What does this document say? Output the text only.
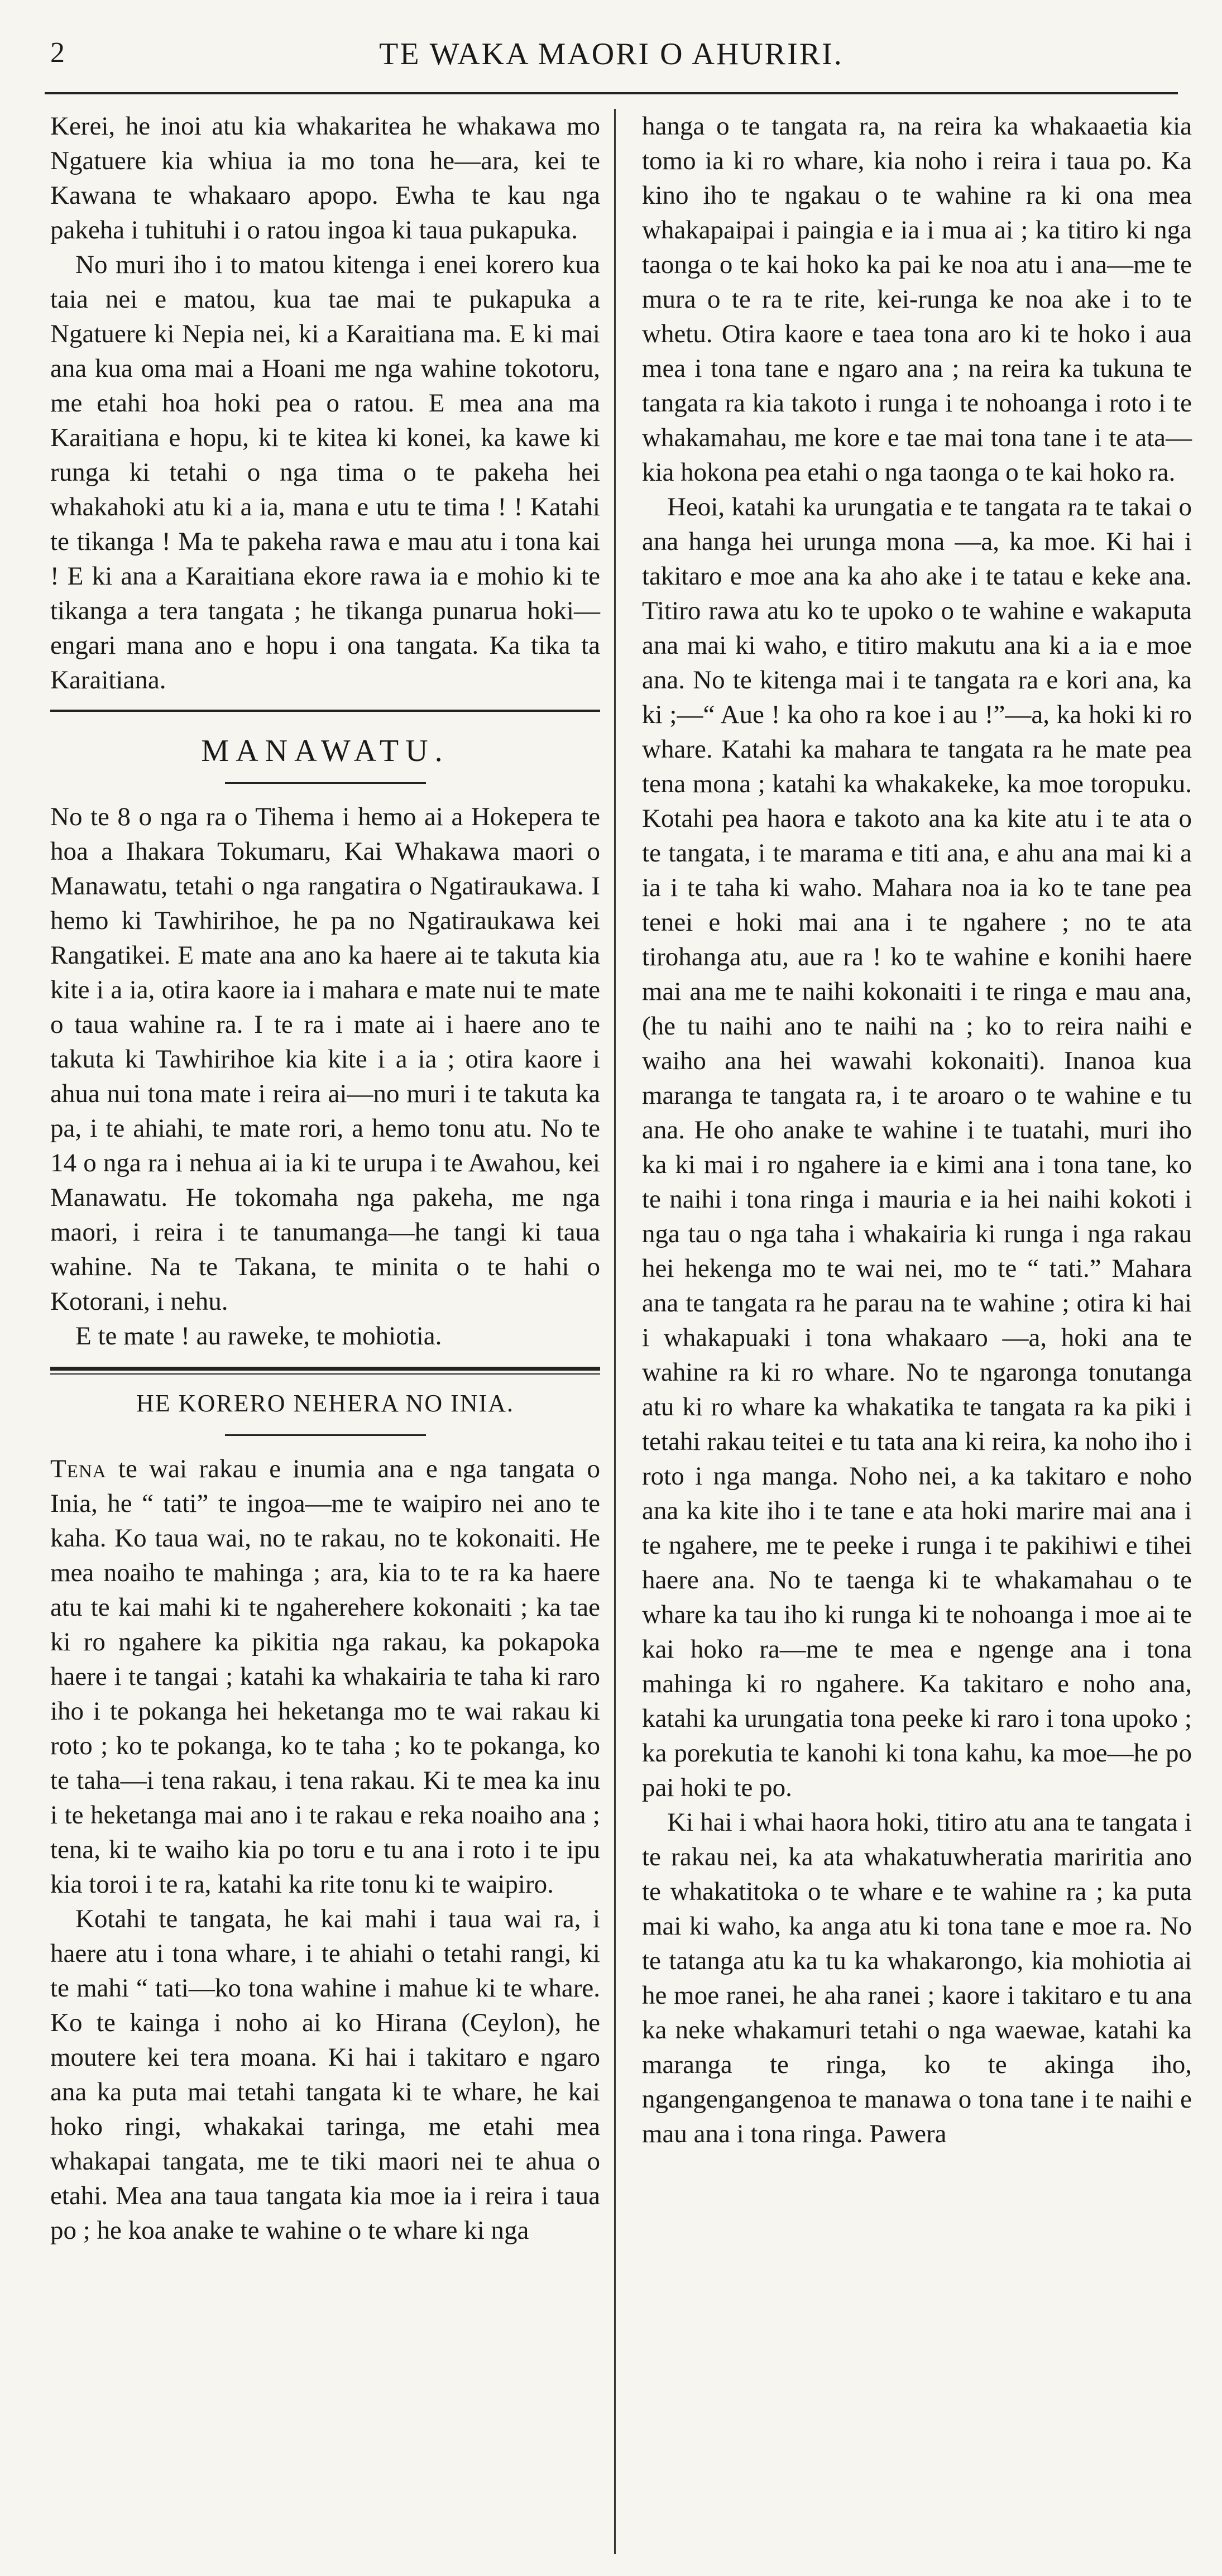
2	TE WAKA MAORI O AHURIRI.

Kerei, he inoi atu kia whakaritea he whakawa mo Ngatuere kia whiua ia mo tona he—ara, kei te Kawana te whakaaro apopo. Ewha te kau nga pakeha i tuhituhi i o ratou ingoa ki taua pukapuka.

No muri iho i to matou kitenga i enei korero kua taia nei e matou, kua tae mai te pukapuka a Ngatuere ki Nepia nei, ki a Karaitiana ma. E ki mai ana kua oma mai a Hoani me nga wahine tokotoru, me etahi hoa hoki pea o ratou. E mea ana ma Karaitiana e hopu, ki te kitea ki konei, ka kawe ki runga ki tetahi o nga tima o te pakeha hei whakahoki atu ki a ia, mana e utu te tima ! ! Katahi te tikanga ! Ma te pakeha rawa e mau atu i tona kai ! E ki ana a Karaitiana ekore rawa ia e mohio ki te tikanga a tera tangata ; he tikanga punarua hoki—engari mana ano e hopu i ona tangata. Ka tika ta Karaitiana.

MANAWATU.

No te 8 o nga ra o Tihema i hemo ai a Hokepera te hoa a Ihakara Tokumaru, Kai Whakawa maori o Manawatu, tetahi o nga rangatira o Ngatiraukawa. I hemo ki Tawhirihoe, he pa no Ngatiraukawa kei Rangatikei. E mate ana ano ka haere ai te takuta kia kite i a ia, otira kaore ia i mahara e mate nui te mate o taua wahine ra. I te ra i mate ai i haere ano te takuta ki Tawhirihoe kia kite i a ia ; otira kaore i ahua nui tona mate i reira ai—no muri i te takuta ka pa, i te ahiahi, te mate rori, a hemo tonu atu. No te 14 o nga ra i nehua ai ia ki te urupa i te Awahou, kei Manawatu. He tokomaha nga pakeha, me nga maori, i reira i te tanumanga—he tangi ki taua wahine. Na te Takana, te minita o te hahi o Kotorani, i nehu.

E te mate ! au raweke, te mohiotia.

HE KORERO NEHERA NO INIA.

Tena te wai rakau e inumia ana e nga tangata o Inia, he “ tati” te ingoa—me te waipiro nei ano te kaha. Ko taua wai, no te rakau, no te kokonaiti. He mea noaiho te mahinga ; ara, kia to te ra ka haere atu te kai mahi ki te ngaherehere kokonaiti ; ka tae ki ro ngahere ka pikitia nga rakau, ka pokapoka haere i te tangai ; katahi ka whakairia te taha ki raro iho i te pokanga hei heketanga mo te wai rakau ki roto ; ko te pokanga, ko te taha ; ko te pokanga, ko te taha—i tena rakau, i tena rakau. Ki te mea ka inu i te heketanga mai ano i te rakau e reka noaiho ana ; tena, ki te waiho kia po toru e tu ana i roto i te ipu kia toroi i te ra, katahi ka rite tonu ki te waipiro.

Kotahi te tangata, he kai mahi i taua wai ra, i haere atu i tona whare, i te ahiahi o tetahi rangi, ki te mahi “ tati—ko tona wahine i mahue ki te whare. Ko te kainga i noho ai ko Hirana (Ceylon), he moutere kei tera moana. Ki hai i takitaro e ngaro ana ka puta mai tetahi tangata ki te whare, he kai hoko ringi, whakakai taringa, me etahi mea whakapai tangata, me te tiki maori nei te ahua o etahi. Mea ana taua tangata kia moe ia i reira i taua po ; he koa anake te wahine o te whare ki nga

hanga o te tangata ra, na reira ka whakaaetia kia tomo ia ki ro whare, kia noho i reira i taua po. Ka kino iho te ngakau o te wahine ra ki ona mea whakapaipai i paingia e ia i mua ai ; ka titiro ki nga taonga o te kai hoko ka pai ke noa atu i ana—me te mura o te ra te rite, kei-runga ke noa ake i to te whetu. Otira kaore e taea tona aro ki te hoko i aua mea i tona tane e ngaro ana ; na reira ka tukuna te tangata ra kia takoto i runga i te nohoanga i roto i te whakamahau, me kore e tae mai tona tane i te ata—kia hokona pea etahi o nga taonga o te kai hoko ra.

Heoi, katahi ka urungatia e te tangata ra te takai o ana hanga hei urunga mona —a, ka moe. Ki hai i takitaro e moe ana ka aho ake i te tatau e keke ana. Titiro rawa atu ko te upoko o te wahine e wakaputa ana mai ki waho, e titiro makutu ana ki a ia e moe ana. No te kitenga mai i te tangata ra e kori ana, ka ki ;—“ Aue ! ka oho ra koe i au !”—a, ka hoki ki ro whare. Katahi ka mahara te tangata ra he mate pea tena mona ; katahi ka whakakeke, ka moe toropuku. Kotahi pea haora e takoto ana ka kite atu i te ata o te tangata, i te marama e titi ana, e ahu ana mai ki a ia i te taha ki waho. Mahara noa ia ko te tane pea tenei e hoki mai ana i te ngahere ; no te ata tirohanga atu, aue ra ! ko te wahine e konihi haere mai ana me te naihi kokonaiti i te ringa e mau ana, (he tu naihi ano te naihi na ; ko to reira naihi e waiho ana hei wawahi kokonaiti). Inanoa kua maranga te tangata ra, i te aroaro o te wahine e tu ana. He oho anake te wahine i te tuatahi, muri iho ka ki mai i ro ngahere ia e kimi ana i tona tane, ko te naihi i tona ringa i mauria e ia hei naihi kokoti i nga tau o nga taha i whakairia ki runga i nga rakau hei hekenga mo te wai nei, mo te “ tati.” Mahara ana te tangata ra he parau na te wahine ; otira ki hai i whakapuaki i tona whakaaro —a, hoki ana te wahine ra ki ro whare. No te ngaronga tonutanga atu ki ro whare ka whakatika te tangata ra ka piki i tetahi rakau teitei e tu tata ana ki reira, ka noho iho i roto i nga manga. Noho nei, a ka takitaro e noho ana ka kite iho i te tane e ata hoki marire mai ana i te ngahere, me te peeke i runga i te pakihiwi e tihei haere ana. No te taenga ki te whakamahau o te whare ka tau iho ki runga ki te nohoanga i moe ai te kai hoko ra—me te mea e ngenge ana i tona mahinga ki ro ngahere. Ka takitaro e noho ana, katahi ka urungatia tona peeke ki raro i tona upoko ; ka porekutia te kanohi ki tona kahu, ka moe—he po pai hoki te po.

Ki hai i whai haora hoki, titiro atu ana te tangata i te rakau nei, ka ata whakatuwheratia mariritia ano te whakatitoka o te whare e te wahine ra ; ka puta mai ki waho, ka anga atu ki tona tane e moe ra. No te tatanga atu ka tu ka whakarongo, kia mohiotia ai he moe ranei, he aha ranei ; kaore i takitaro e tu ana ka neke whakamuri tetahi o nga waewae, katahi ka maranga te ringa, ko te akinga iho, ngangengangenoa te manawa o tona tane i te naihi e mau ana i tona ringa. Pawera
